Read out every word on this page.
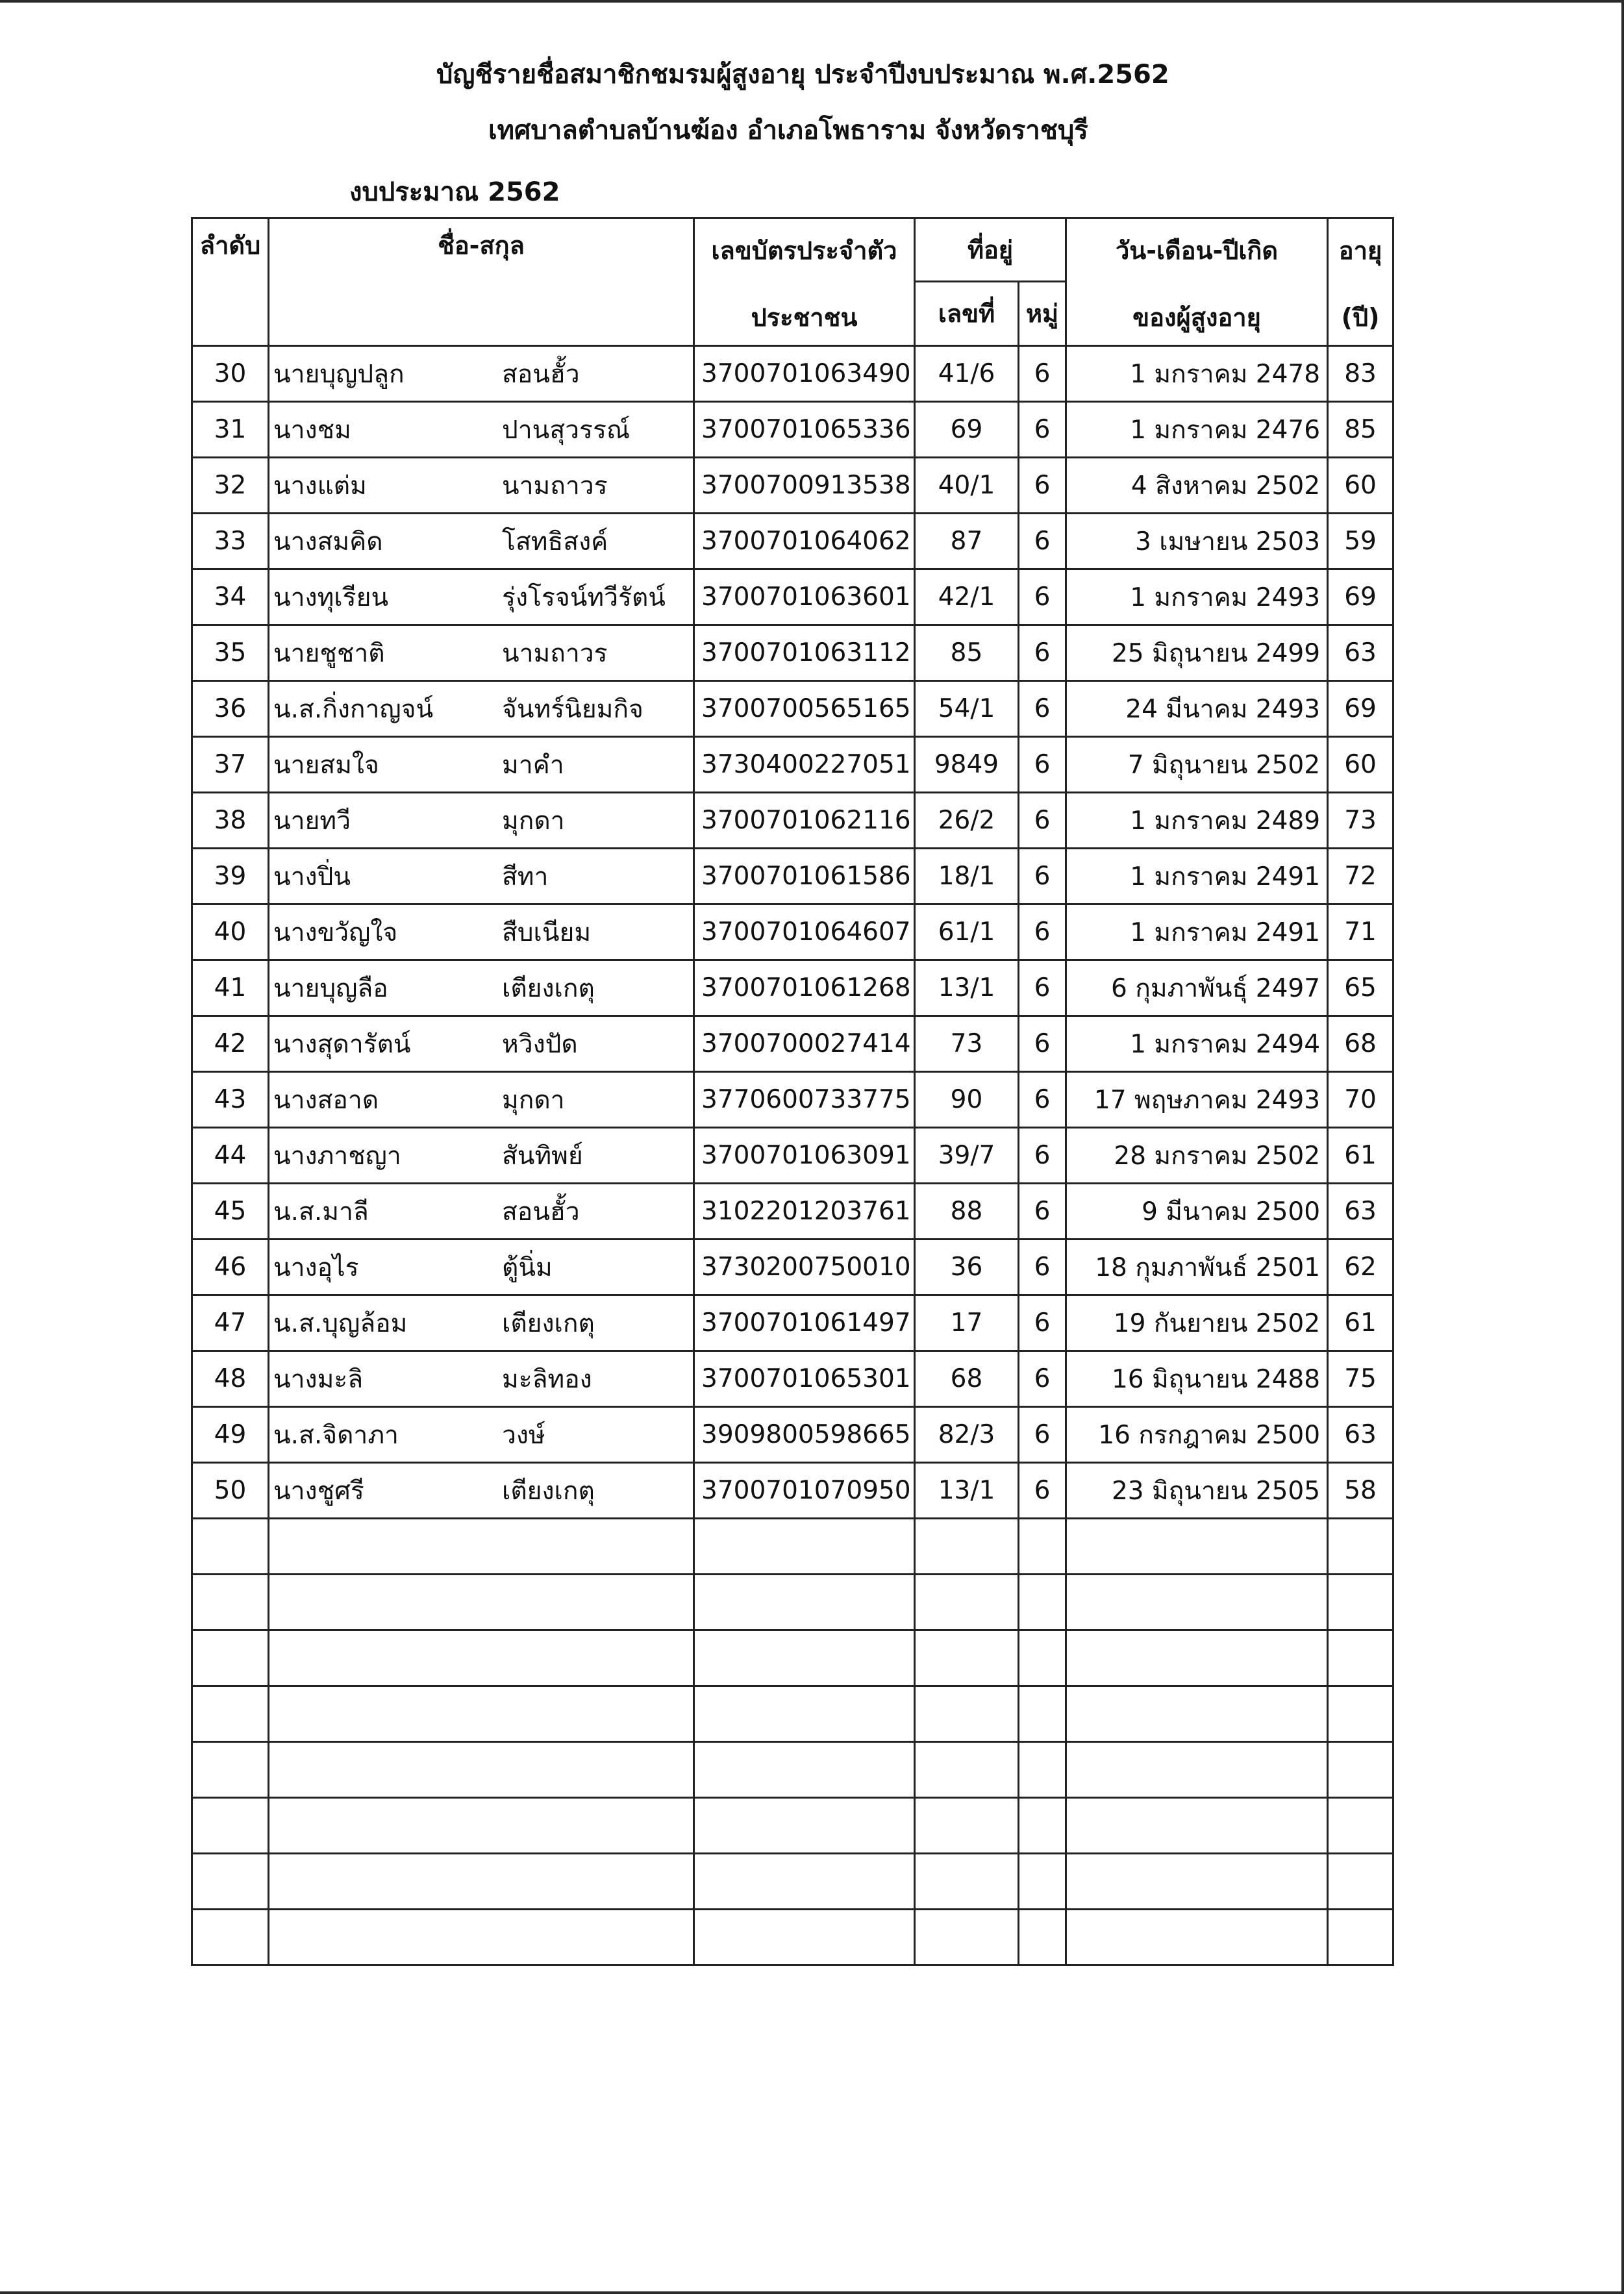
บัญชีรายชื่อสมาชิกชมรมผู้สูงอายุ ประจำปีงบประมาณ พ.ศ.2562
เทศบาลตำบลบ้านฆ้อง อำเภอโพธาราม จังหวัดราชบุรี
งบประมาณ 2562
ลำดับ	ชื่อ-สกุล	เลขบัตรประจำตัว	ที่อยู่		วัน-เดือน-ปีเกิด	อายุ
		ประชาชน	เลขที่	หมู่	ของผู้สูงอายุ	(ปี)
30	นายบุญปลูก สอนฮั้ว	3700701063490	41/6	6	1 มกราคม 2478	83
31	นางชม ปานสุวรรณ์	3700701065336	69	6	1 มกราคม 2476	85
32	นางแต่ม นามถาวร	3700700913538	40/1	6	4 สิงหาคม 2502	60
33	นางสมคิด โสทธิสงค์	3700701064062	87	6	3 เมษายน 2503	59
34	นางทุเรียน รุ่งโรจน์ทวีรัตน์	3700701063601	42/1	6	1 มกราคม 2493	69
35	นายชูชาติ นามถาวร	3700701063112	85	6	25 มิถุนายน 2499	63
36	น.ส.กิ่งกาญจน์ จันทร์นิยมกิจ	3700700565165	54/1	6	24 มีนาคม 2493	69
37	นายสมใจ มาคำ	3730400227051	9849	6	7 มิถุนายน 2502	60
38	นายทวี มุกดา	3700701062116	26/2	6	1 มกราคม 2489	73
39	นางปิ่น สีทา	3700701061586	18/1	6	1 มกราคม 2491	72
40	นางขวัญใจ สืบเนียม	3700701064607	61/1	6	1 มกราคม 2491	71
41	นายบุญลือ เตียงเกตุ	3700701061268	13/1	6	6 กุมภาพันธุ์ 2497	65
42	นางสุดารัตน์ หวิงปัด	3700700027414	73	6	1 มกราคม 2494	68
43	นางสอาด มุกดา	3770600733775	90	6	17 พฤษภาคม 2493	70
44	นางภาชญา สันทิพย์	3700701063091	39/7	6	28 มกราคม 2502	61
45	น.ส.มาลี สอนฮั้ว	3102201203761	88	6	9 มีนาคม 2500	63
46	นางอุไร ตู้นิ่ม	3730200750010	36	6	18 กุมภาพันธ์ 2501	62
47	น.ส.บุญล้อม เตียงเกตุ	3700701061497	17	6	19 กันยายน 2502	61
48	นางมะลิ มะลิทอง	3700701065301	68	6	16 มิถุนายน 2488	75
49	น.ส.จิดาภา วงษ์	3909800598665	82/3	6	16 กรกฎาคม 2500	63
50	นางชูศรี เตียงเกตุ	3700701070950	13/1	6	23 มิถุนายน 2505	58
